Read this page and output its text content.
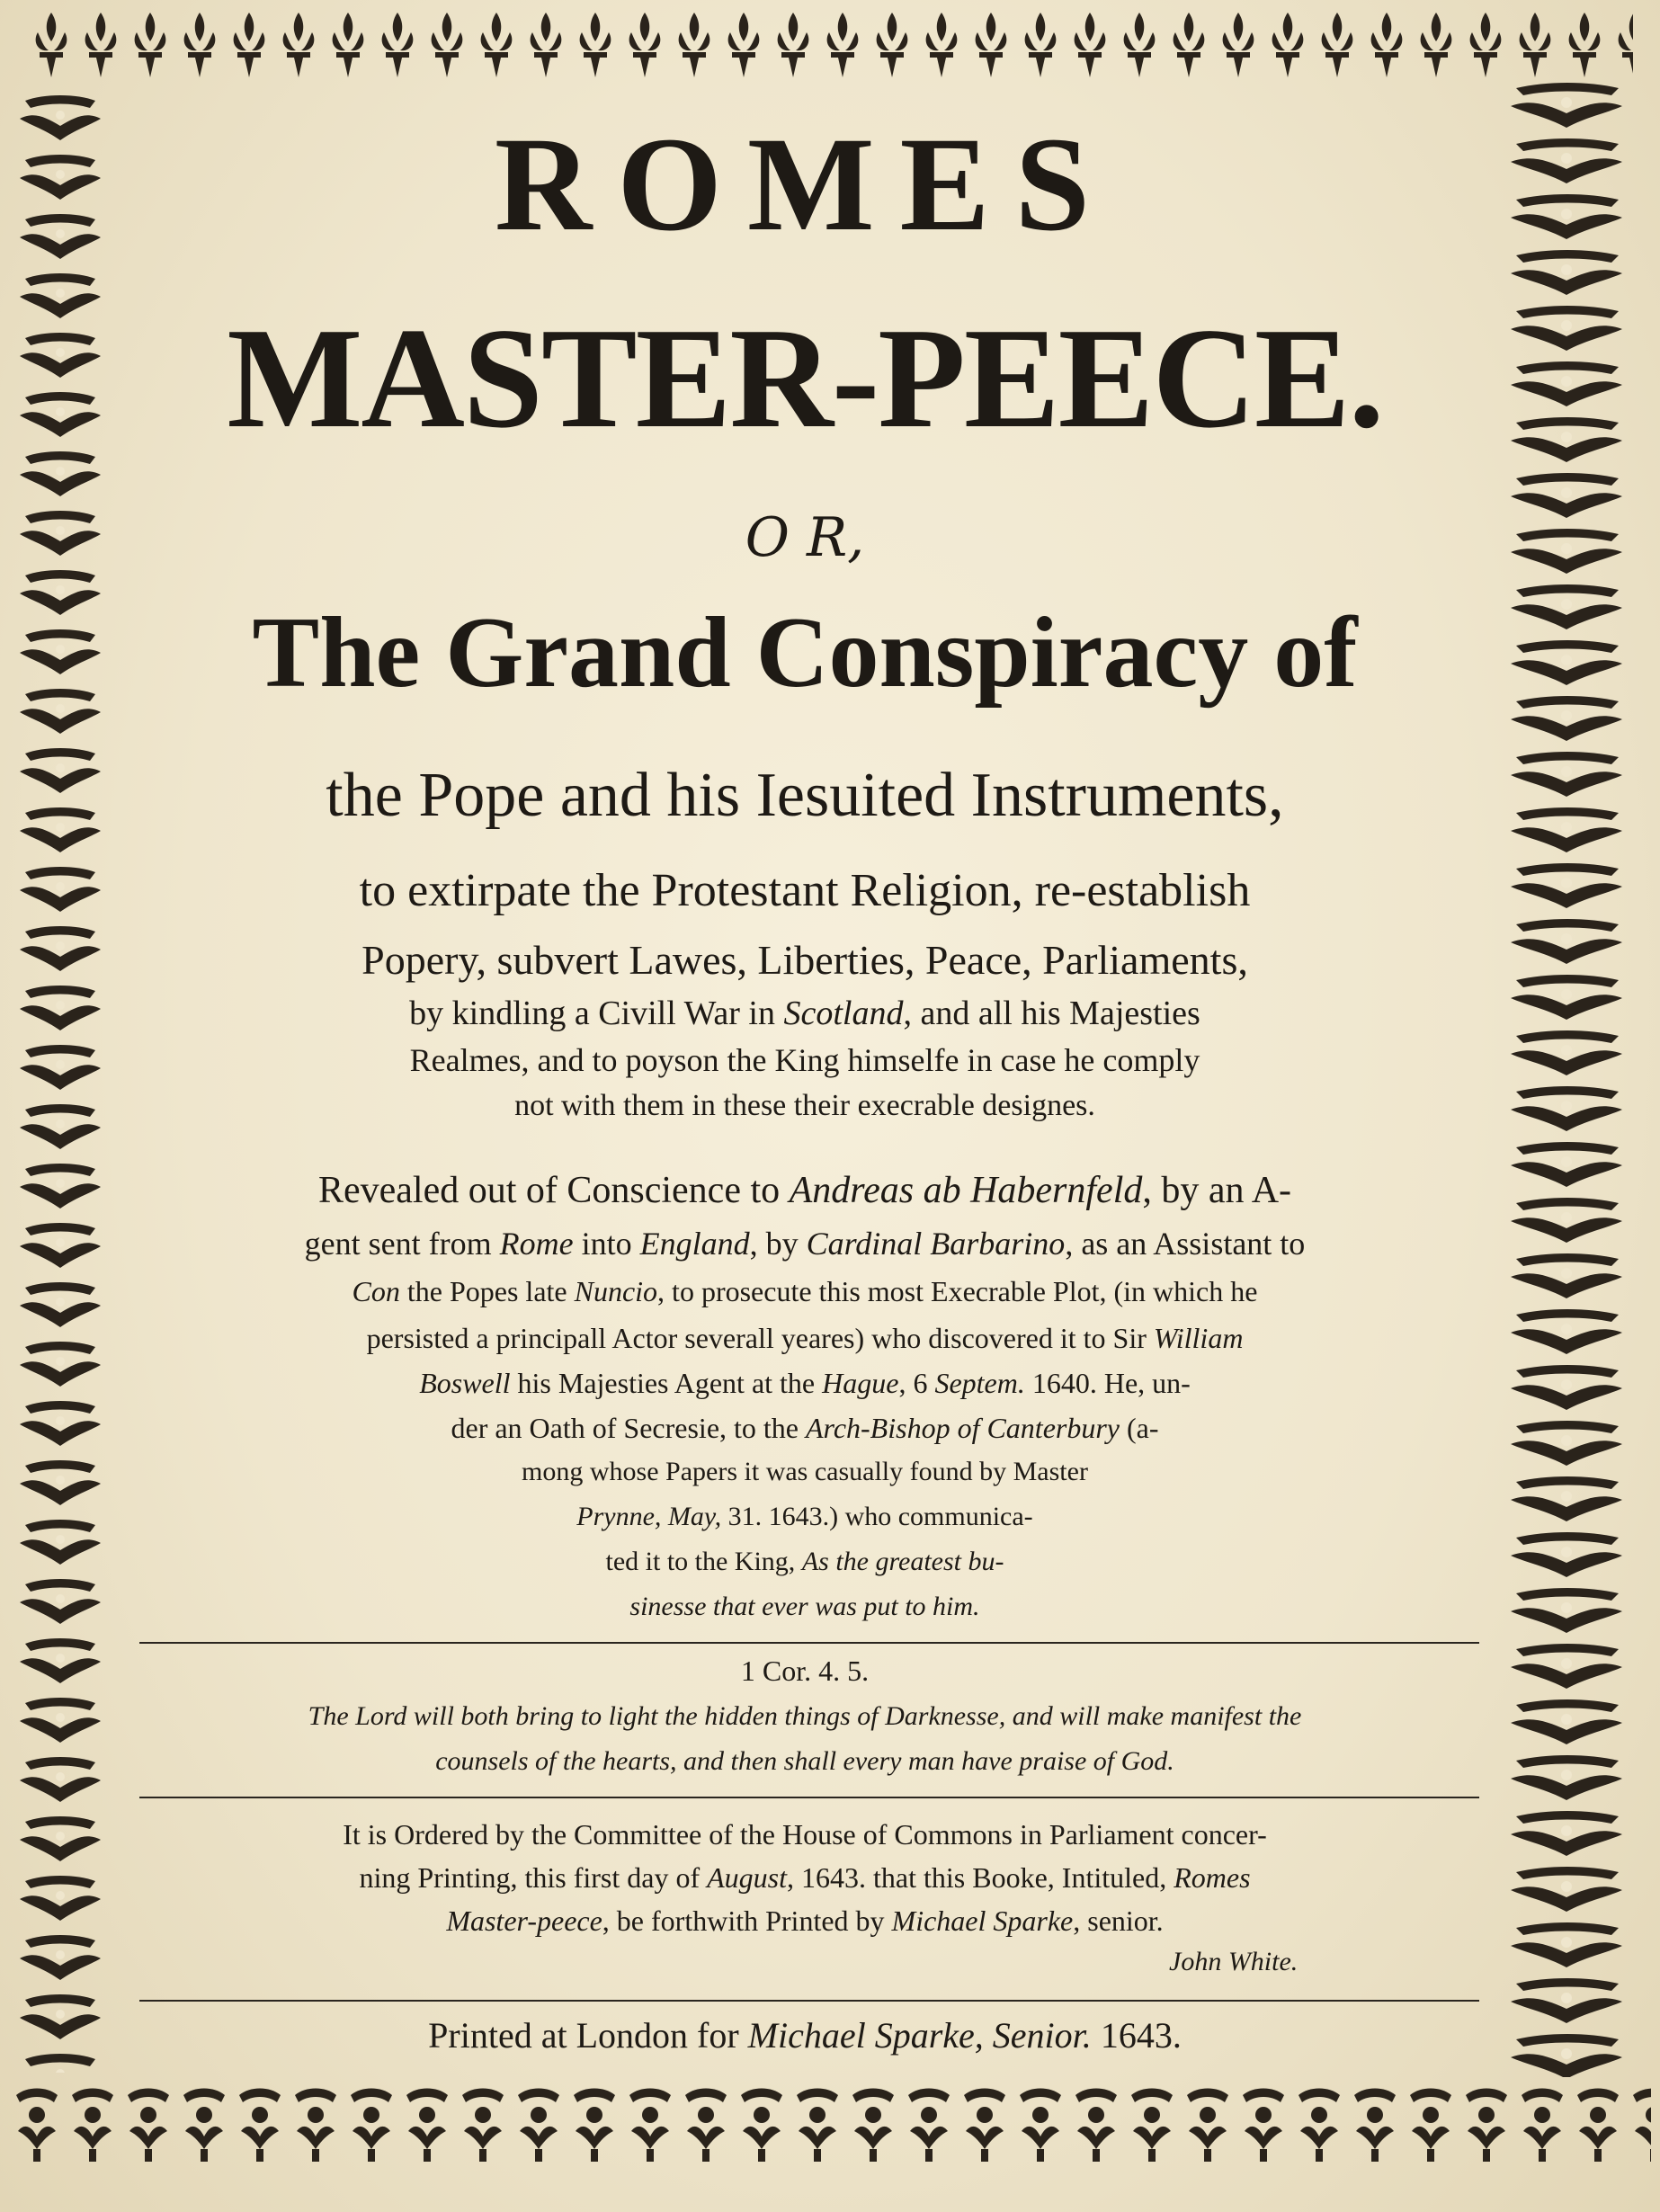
ROMES
MASTER-PEECE.

O R,

The Grand Conspiracy of

the Pope and his Iesuited Instruments,

to extirpate the Protestant Religion, re-establish

Popery, subvert Lawes, Liberties, Peace, Parliaments,

by kindling a Civill War in Scotland, and all his Majesties

Realmes, and to poyson the King himselfe in case he comply

not with them in these their execrable designes.

Revealed out of Conscience to Andreas ab Habernfeld, by an A-

gent sent from Rome into England, by Cardinal Barbarino, as an Assistant to

Con the Popes late Nuncio, to prosecute this most Execrable Plot, (in which he

persisted a principall Actor severall yeares) who discovered it to Sir William

Boswell his Majesties Agent at the Hague, 6 Septem. 1640. He, un-

der an Oath of Secresie, to the Arch-Bishop of Canterbury (a-

mong whose Papers it was casually found by Master

Prynne, May, 31. 1643.) who communica-

ted it to the King, As the greatest bu-

sinesse that ever was put to him.

1 Cor. 4. 5.

The Lord will both bring to light the hidden things of Darknesse, and will make manifest the

counsels of the hearts, and then shall every man have praise of God.

It is Ordered by the Committee of the House of Commons in Parliament concer-

ning Printing, this first day of August, 1643. that this Booke, Intituled, Romes

Master-peece, be forthwith Printed by Michael Sparke, senior.

John White.

Printed at London for Michael Sparke, Senior. 1643.
